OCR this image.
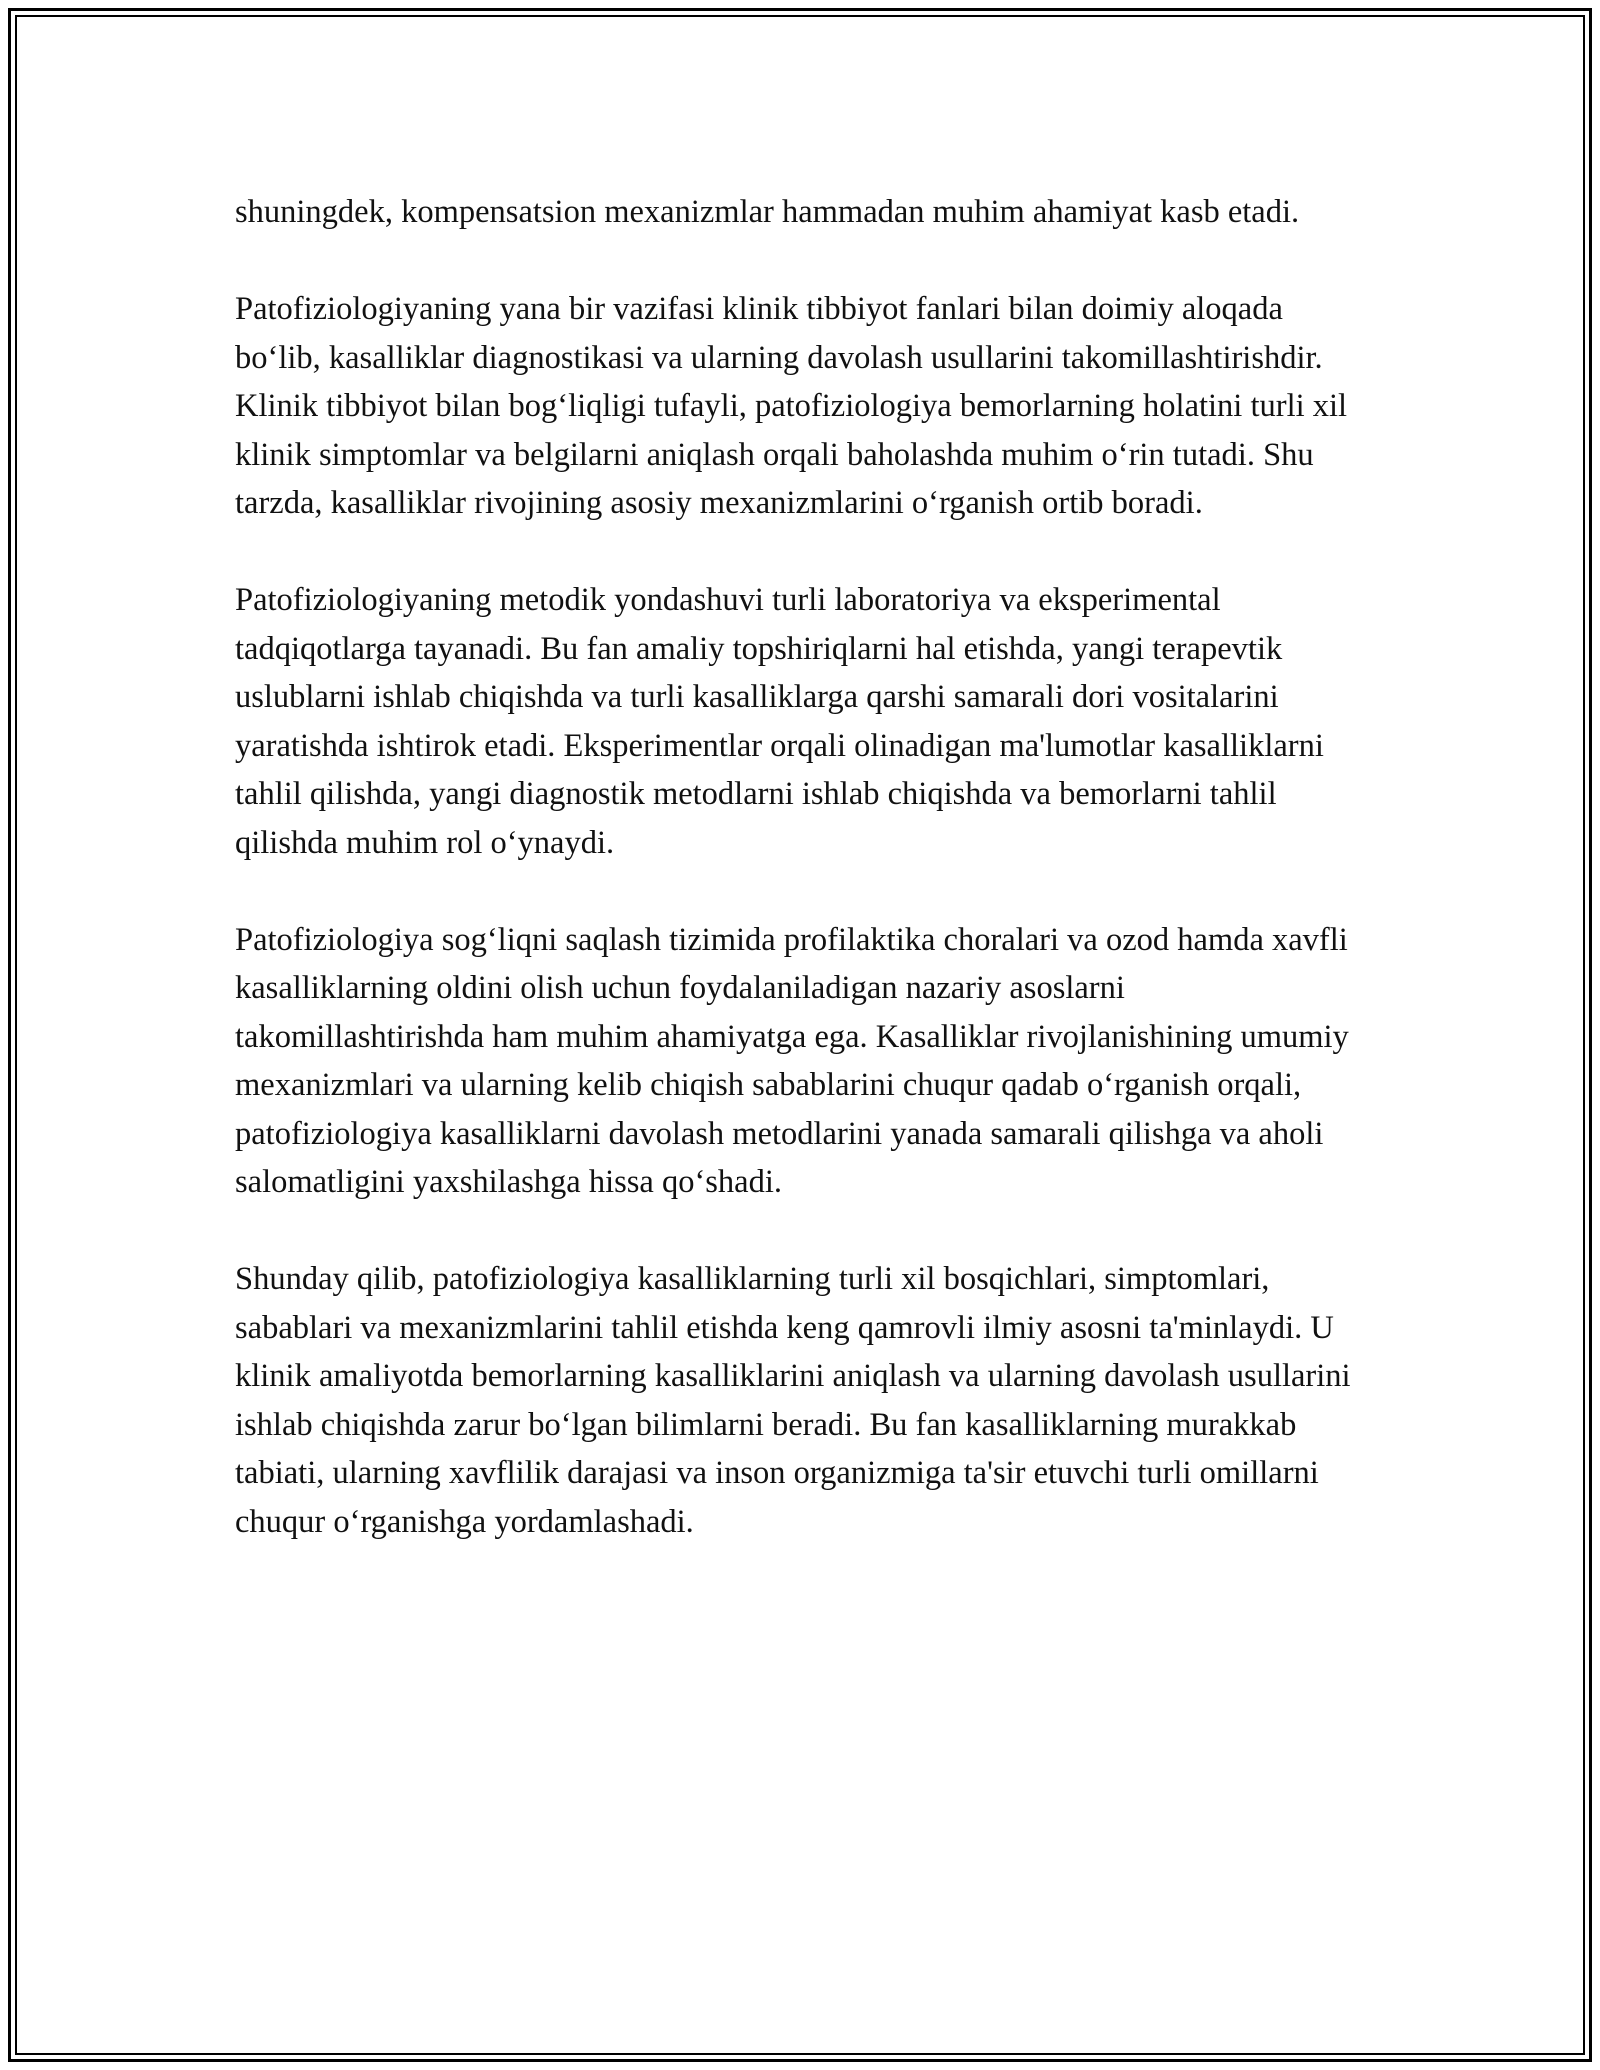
shuningdek, kompensatsion mexanizmlar hammadan muhim ahamiyat kasb etadi.

Patofiziologiyaning yana bir vazifasi klinik tibbiyot fanlari bilan doimiy aloqada bo‘lib, kasalliklar diagnostikasi va ularning davolash usullarini takomillashtirishdir. Klinik tibbiyot bilan bog‘liqligi tufayli, patofiziologiya bemorlarning holatini turli xil klinik simptomlar va belgilarni aniqlash orqali baholashda muhim o‘rin tutadi. Shu tarzda, kasalliklar rivojining asosiy mexanizmlarini o‘rganish ortib boradi.

Patofiziologiyaning metodik yondashuvi turli laboratoriya va eksperimental tadqiqotlarga tayanadi. Bu fan amaliy topshiriqlarni hal etishda, yangi terapevtik uslublarni ishlab chiqishda va turli kasalliklarga qarshi samarali dori vositalarini yaratishda ishtirok etadi. Eksperimentlar orqali olinadigan ma'lumotlar kasalliklarni tahlil qilishda, yangi diagnostik metodlarni ishlab chiqishda va bemorlarni tahlil qilishda muhim rol o‘ynaydi.

Patofiziologiya sog‘liqni saqlash tizimida profilaktika choralari va ozod hamda xavfli kasalliklarning oldini olish uchun foydalaniladigan nazariy asoslarni takomillashtirishda ham muhim ahamiyatga ega. Kasalliklar rivojlanishining umumiy mexanizmlari va ularning kelib chiqish sabablarini chuqur qadab o‘rganish orqali, patofiziologiya kasalliklarni davolash metodlarini yanada samarali qilishga va aholi salomatligini yaxshilashga hissa qo‘shadi.

Shunday qilib, patofiziologiya kasalliklarning turli xil bosqichlari, simptomlari, sabablari va mexanizmlarini tahlil etishda keng qamrovli ilmiy asosni ta'minlaydi. U klinik amaliyotda bemorlarning kasalliklarini aniqlash va ularning davolash usullarini ishlab chiqishda zarur bo‘lgan bilimlarni beradi. Bu fan kasalliklarning murakkab tabiati, ularning xavflilik darajasi va inson organizmiga ta'sir etuvchi turli omillarni chuqur o‘rganishga yordamlashadi.
